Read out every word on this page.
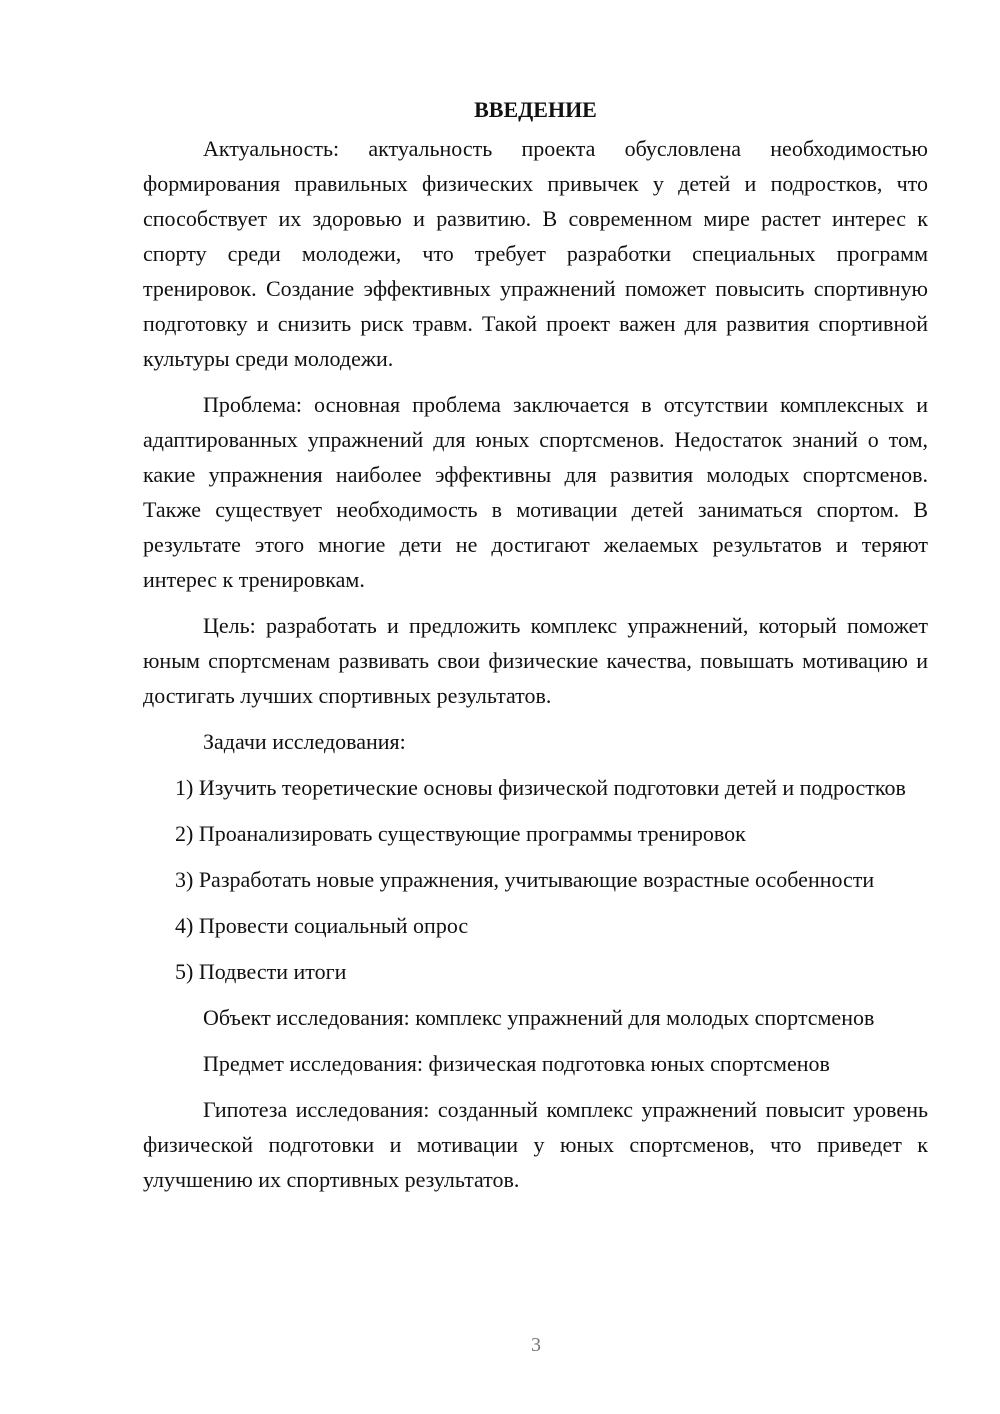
ВВЕДЕНИЕ

Актуальность: актуальность проекта обусловлена необходимостью формирования правильных физических привычек у детей и подростков, что способствует их здоровью и развитию. В современном мире растет интерес к спорту среди молодежи, что требует разработки специальных программ тренировок. Создание эффективных упражнений поможет повысить спортивную подготовку и снизить риск травм. Такой проект важен для развития спортивной культуры среди молодежи.

Проблема: основная проблема заключается в отсутствии комплексных и адаптированных упражнений для юных спортсменов. Недостаток знаний о том, какие упражнения наиболее эффективны для развития молодых спортсменов. Также существует необходимость в мотивации детей заниматься спортом. В результате этого многие дети не достигают желаемых результатов и теряют интерес к тренировкам.

Цель: разработать и предложить комплекс упражнений, который поможет юным спортсменам развивать свои физические качества, повышать мотивацию и достигать лучших спортивных результатов.

Задачи исследования:

1) Изучить теоретические основы физической подготовки детей и подростков

2) Проанализировать существующие программы тренировок

3) Разработать новые упражнения, учитывающие возрастные особенности

4) Провести социальный опрос

5) Подвести итоги

Объект исследования: комплекс упражнений для молодых спортсменов

Предмет исследования: физическая подготовка юных спортсменов

Гипотеза исследования: созданный комплекс упражнений повысит уровень физической подготовки и мотивации у юных спортсменов, что приведет к улучшению их спортивных результатов.

3
